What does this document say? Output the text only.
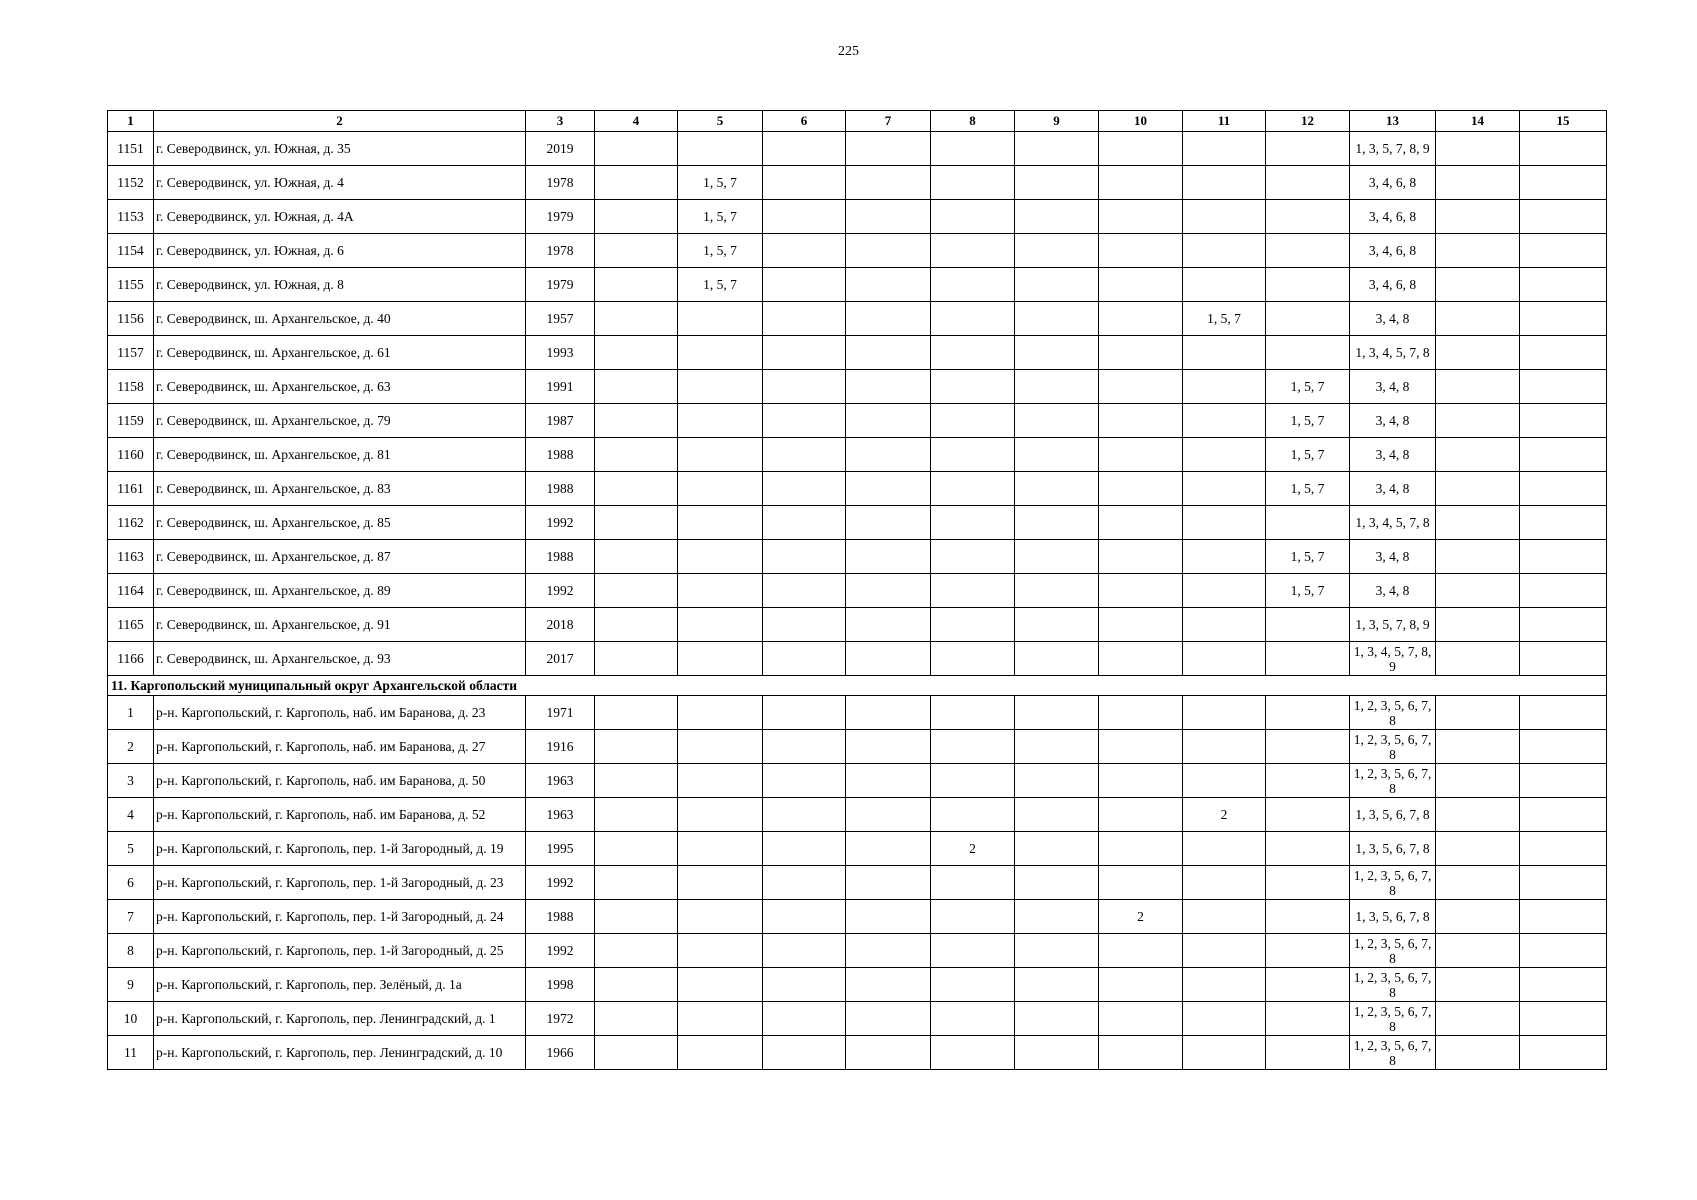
225
1	2	3	4	5	6	7	8	9	10	11	12	13	14	15
1151	г. Северодвинск, ул. Южная, д. 35	2019										1, 3, 5, 7, 8, 9		
1152	г. Северодвинск, ул. Южная, д. 4	1978		1, 5, 7								3, 4, 6, 8		
1153	г. Северодвинск, ул. Южная, д. 4А	1979		1, 5, 7								3, 4, 6, 8		
1154	г. Северодвинск, ул. Южная, д. 6	1978		1, 5, 7								3, 4, 6, 8		
1155	г. Северодвинск, ул. Южная, д. 8	1979		1, 5, 7								3, 4, 6, 8		
1156	г. Северодвинск, ш. Архангельское, д. 40	1957								1, 5, 7		3, 4, 8		
1157	г. Северодвинск, ш. Архангельское, д. 61	1993										1, 3, 4, 5, 7, 8		
1158	г. Северодвинск, ш. Архангельское, д. 63	1991									1, 5, 7	3, 4, 8		
1159	г. Северодвинск, ш. Архангельское, д. 79	1987									1, 5, 7	3, 4, 8		
1160	г. Северодвинск, ш. Архангельское, д. 81	1988									1, 5, 7	3, 4, 8		
1161	г. Северодвинск, ш. Архангельское, д. 83	1988									1, 5, 7	3, 4, 8		
1162	г. Северодвинск, ш. Архангельское, д. 85	1992										1, 3, 4, 5, 7, 8		
1163	г. Северодвинск, ш. Архангельское, д. 87	1988									1, 5, 7	3, 4, 8		
1164	г. Северодвинск, ш. Архангельское, д. 89	1992									1, 5, 7	3, 4, 8		
1165	г. Северодвинск, ш. Архангельское, д. 91	2018										1, 3, 5, 7, 8, 9		
1166	г. Северодвинск, ш. Архангельское, д. 93	2017										1, 3, 4, 5, 7, 8, 9		
11. Каргопольский муниципальный округ Архангельской области														
1	р-н. Каргопольский, г. Каргополь, наб. им Баранова, д. 23	1971										1, 2, 3, 5, 6, 7, 8		
2	р-н. Каргопольский, г. Каргополь, наб. им Баранова, д. 27	1916										1, 2, 3, 5, 6, 7, 8		
3	р-н. Каргопольский, г. Каргополь, наб. им Баранова, д. 50	1963										1, 2, 3, 5, 6, 7, 8		
4	р-н. Каргопольский, г. Каргополь, наб. им Баранова, д. 52	1963								2		1, 3, 5, 6, 7, 8		
5	р-н. Каргопольский, г. Каргополь, пер. 1-й Загородный, д. 19	1995					2					1, 3, 5, 6, 7, 8		
6	р-н. Каргопольский, г. Каргополь, пер. 1-й Загородный, д. 23	1992										1, 2, 3, 5, 6, 7, 8		
7	р-н. Каргопольский, г. Каргополь, пер. 1-й Загородный, д. 24	1988							2			1, 3, 5, 6, 7, 8		
8	р-н. Каргопольский, г. Каргополь, пер. 1-й Загородный, д. 25	1992										1, 2, 3, 5, 6, 7, 8		
9	р-н. Каргопольский, г. Каргополь, пер. Зелёный, д. 1а	1998										1, 2, 3, 5, 6, 7, 8		
10	р-н. Каргопольский, г. Каргополь, пер. Ленинградский, д. 1	1972										1, 2, 3, 5, 6, 7, 8		
11	р-н. Каргопольский, г. Каргополь, пер. Ленинградский, д. 10	1966										1, 2, 3, 5, 6, 7, 8		
